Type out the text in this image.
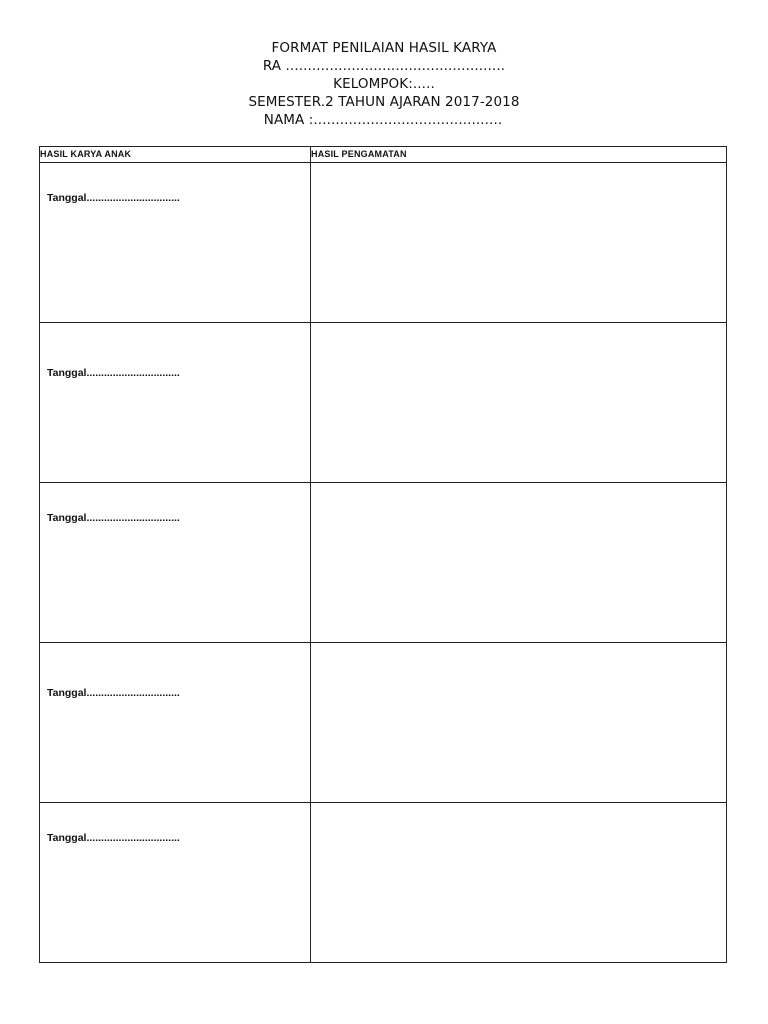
FORMAT PENILAIAN HASIL KARYA
RA ..................................................
KELOMPOK:.....
SEMESTER.2 TAHUN AJARAN 2017-2018
NAMA :...........................................
HASIL KARYA ANAK	HASIL PENGAMATAN

Tanggal................................	

Tanggal................................	

Tanggal................................	

Tanggal................................	

Tanggal................................	
